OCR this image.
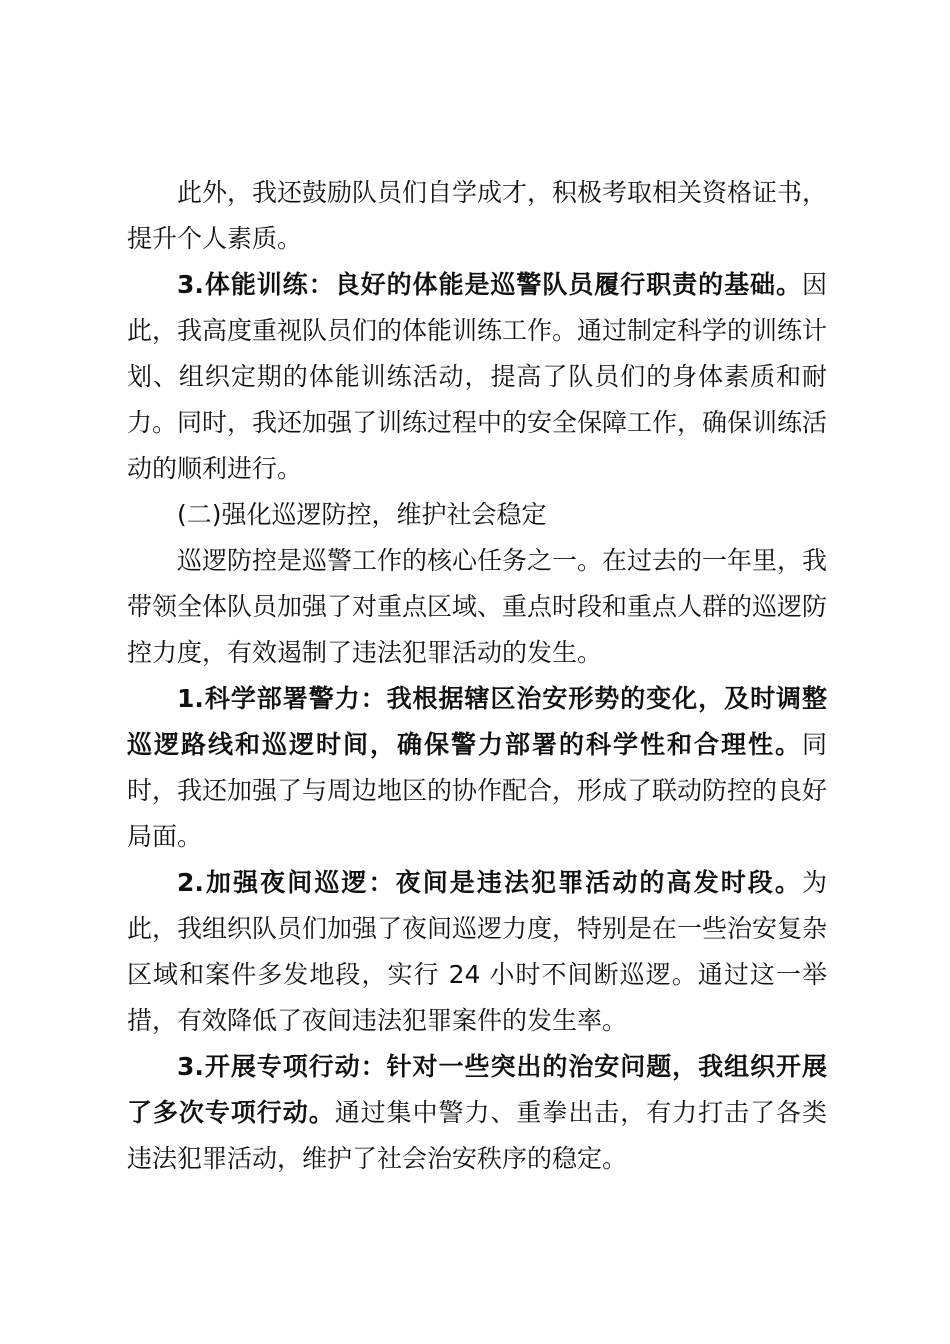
此外，我还鼓励队员们自学成才，积极考取相关资格证书，提升个人素质。

3.体能训练：良好的体能是巡警队员履行职责的基础。因此，我高度重视队员们的体能训练工作。通过制定科学的训练计划、组织定期的体能训练活动，提高了队员们的身体素质和耐力。同时，我还加强了训练过程中的安全保障工作，确保训练活动的顺利进行。

(二)强化巡逻防控，维护社会稳定

巡逻防控是巡警工作的核心任务之一。在过去的一年里，我带领全体队员加强了对重点区域、重点时段和重点人群的巡逻防控力度，有效遏制了违法犯罪活动的发生。

1.科学部署警力：我根据辖区治安形势的变化，及时调整巡逻路线和巡逻时间，确保警力部署的科学性和合理性。同时，我还加强了与周边地区的协作配合，形成了联动防控的良好局面。

2.加强夜间巡逻：夜间是违法犯罪活动的高发时段。为此，我组织队员们加强了夜间巡逻力度，特别是在一些治安复杂区域和案件多发地段，实行 24 小时不间断巡逻。通过这一举措，有效降低了夜间违法犯罪案件的发生率。

3.开展专项行动：针对一些突出的治安问题，我组织开展了多次专项行动。通过集中警力、重拳出击，有力打击了各类违法犯罪活动，维护了社会治安秩序的稳定。
